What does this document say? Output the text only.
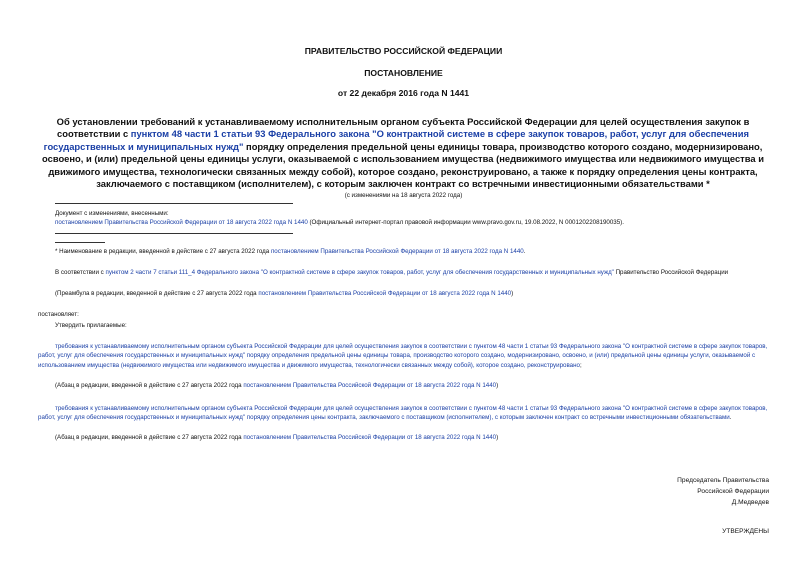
ПРАВИТЕЛЬСТВО РОССИЙСКОЙ ФЕДЕРАЦИИ
ПОСТАНОВЛЕНИЕ
от 22 декабря 2016 года N 1441
Об установлении требований к устанавливаемому исполнительным органом субъекта Российской Федерации для целей осуществления закупок в соответствии с пунктом 48 части 1 статьи 93 Федерального закона "О контрактной системе в сфере закупок товаров, работ, услуг для обеспечения государственных и муниципальных нужд" порядку определения предельной цены единицы товара, производство которого создано, модернизировано, освоено, и (или) предельной цены единицы услуги, оказываемой с использованием имущества (недвижимого имущества или недвижимого имущества и движимого имущества, технологически связанных между собой), которое создано, реконструировано, а также к порядку определения цены контракта, заключаемого с поставщиком (исполнителем), с которым заключен контракт со встречными инвестиционными обязательствами *
(с изменениями на 18 августа 2022 года)
Документ с изменениями, внесенными:
постановлением Правительства Российской Федерации от 18 августа 2022 года N 1440 (Официальный интернет-портал правовой информации www.pravo.gov.ru, 19.08.2022, N 0001202208190035).
* Наименование в редакции, введенной в действие с 27 августа 2022 года постановлением Правительства Российской Федерации от 18 августа 2022 года N 1440.
В соответствии с пунктом 2 части 7 статьи 111_4 Федерального закона "О контрактной системе в сфере закупок товаров, работ, услуг для обеспечения государственных и муниципальных нужд" Правительство Российской Федерации
(Преамбула в редакции, введенной в действие с 27 августа 2022 года постановлением Правительства Российской Федерации от 18 августа 2022 года N 1440)
постановляет:
Утвердить прилагаемые:
требования к устанавливаемому исполнительным органом субъекта Российской Федерации для целей осуществления закупок в соответствии с пунктом 48 части 1 статьи 93 Федерального закона "О контрактной системе в сфере закупок товаров, работ, услуг для обеспечения государственных и муниципальных нужд" порядку определения предельной цены единицы товара, производство которого создано, модернизировано, освоено, и (или) предельной цены единицы услуги, оказываемой с использованием имущества (недвижимого имущества или недвижимого имущества и движимого имущества, технологически связанных между собой), которое создано, реконструировано;
(Абзац в редакции, введенной в действие с 27 августа 2022 года постановлением Правительства Российской Федерации от 18 августа 2022 года N 1440)
требования к устанавливаемому исполнительным органом субъекта Российской Федерации для целей осуществления закупок в соответствии с пунктом 48 части 1 статьи 93 Федерального закона "О контрактной системе в сфере закупок товаров, работ, услуг для обеспечения государственных и муниципальных нужд" порядку определения цены контракта, заключаемого с поставщиком (исполнителем), с которым заключен контракт со встречными инвестиционными обязательствами.
(Абзац в редакции, введенной в действие с 27 августа 2022 года постановлением Правительства Российской Федерации от 18 августа 2022 года N 1440)
Председатель Правительства
Российской Федерации
Д.Медведев
УТВЕРЖДЕНЫ
